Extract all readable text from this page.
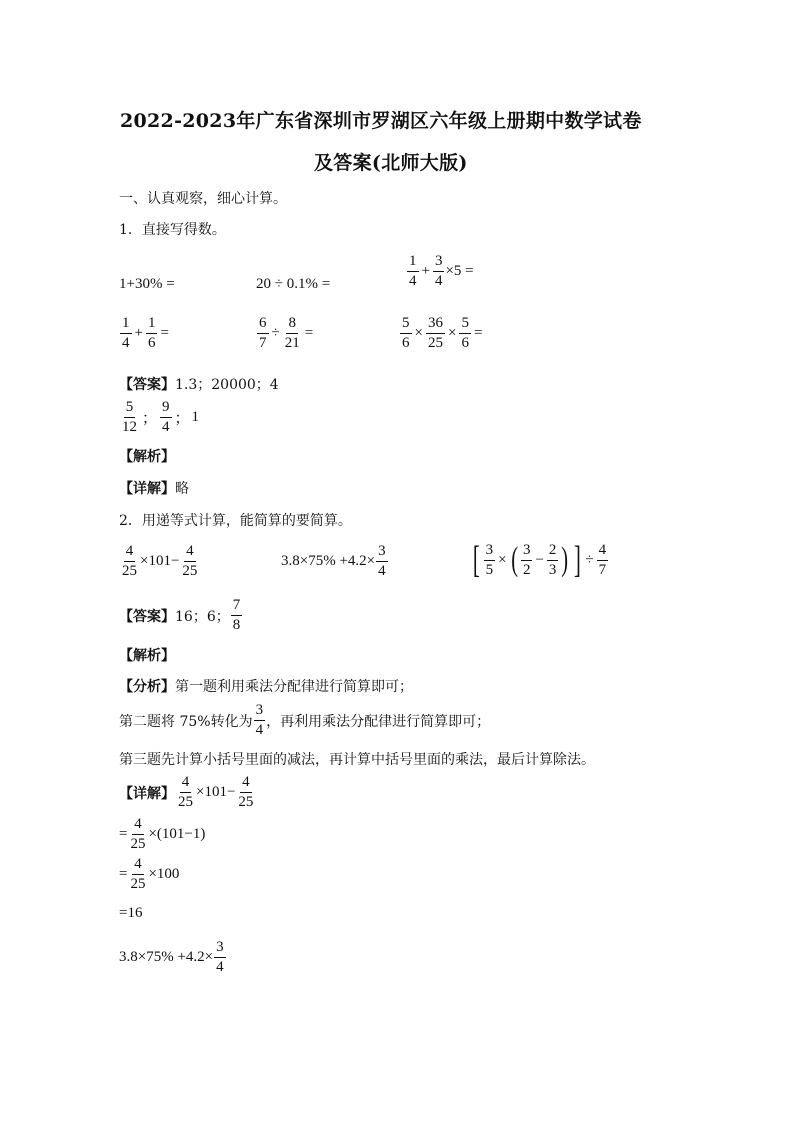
2022-2023年广东省深圳市罗湖区六年级上册期中数学试卷
及答案(北师大版)
一、认真观察，细心计算。
1．直接写得数。
1+30% =	20 ÷ 0.1% =	$\frac{1}{4} + \frac{3}{4} \times 5$ =
$\frac{1}{4} + \frac{1}{6}$ =	$\frac{6}{7} \div \frac{8}{21}$ =	$\frac{5}{6} \times \frac{36}{25} \times \frac{5}{6}$ =
【答案】1.3；20000；4
$\frac{5}{12}$ ； $\frac{9}{4}$ ； 1
【解析】
【详解】略
2．用递等式计算，能简算的要简算。
$\frac{4}{25} \times 101- \frac{4}{25}$	$3.8\times 75\% +4.2\times \frac{3}{4}$ [ $\frac{3}{5}$ × ( $\frac{3}{2} - \frac{2}{3}$ ) ] ÷ $\frac{4}{7}$
【答案】 16；6； $\frac{7}{8}$
【解析】
【分析】第一题利用乘法分配律进行简算即可；
第二题将 75%转化为 $\frac{3}{4}$ ，再利用乘法分配律进行简算即可；
第三题先计算小括号里面的减法，再计算中括号里面的乘法，最后计算除法。
【详解】 $\frac{4}{25} \times 101- \frac{4}{25}$
= $\frac{4}{25} \times(101-1)$
= $\frac{4}{25} \times 100$
=16
$3.8\times 75\% +4.2\times \frac{3}{4}$
